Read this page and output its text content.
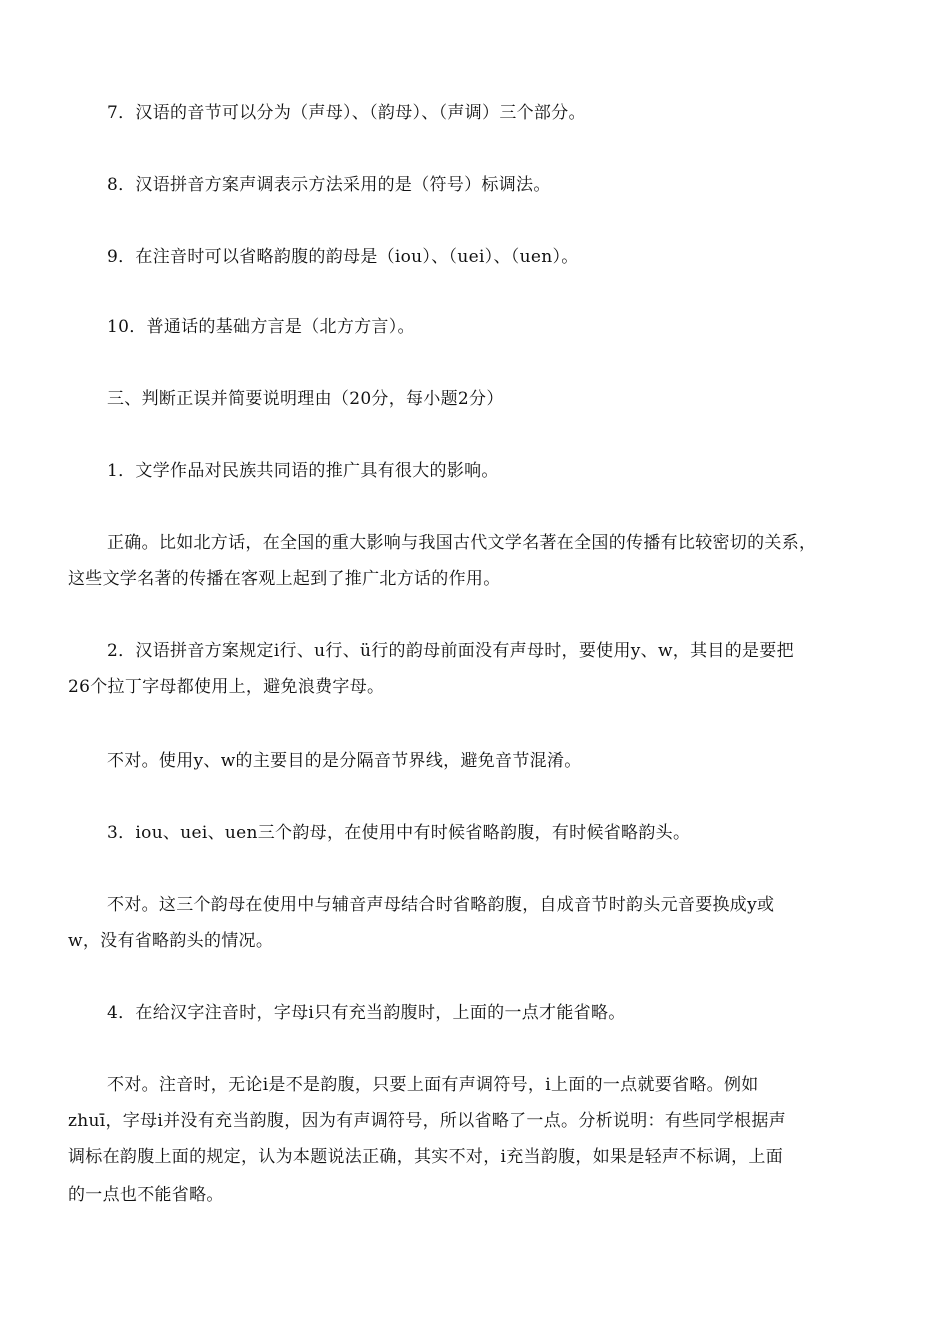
7．汉语的音节可以分为（声母）、（韵母）、（声调）三个部分。
8．汉语拼音方案声调表示方法采用的是（符号）标调法。
9．在注音时可以省略韵腹的韵母是（iou）、（uei）、（uen）。
10．普通话的基础方言是（北方方言）。
三、判断正误并简要说明理由（20分，每小题2分）
1．文学作品对民族共同语的推广具有很大的影响。
正确。比如北方话，在全国的重大影响与我国古代文学名著在全国的传播有比较密切的关系，
这些文学名著的传播在客观上起到了推广北方话的作用。
2．汉语拼音方案规定i行、u行、ü行的韵母前面没有声母时，要使用y、w，其目的是要把
26个拉丁字母都使用上，避免浪费字母。
不对。使用y、w的主要目的是分隔音节界线，避免音节混淆。
3．iou、uei、uen三个韵母，在使用中有时候省略韵腹，有时候省略韵头。
不对。这三个韵母在使用中与辅音声母结合时省略韵腹，自成音节时韵头元音要换成y或
w，没有省略韵头的情况。
4．在给汉字注音时，字母i只有充当韵腹时，上面的一点才能省略。
不对。注音时，无论i是不是韵腹，只要上面有声调符号，i上面的一点就要省略。例如
zhuī，字母i并没有充当韵腹，因为有声调符号，所以省略了一点。分析说明：有些同学根据声
调标在韵腹上面的规定，认为本题说法正确，其实不对，i充当韵腹，如果是轻声不标调，上面
的一点也不能省略。
